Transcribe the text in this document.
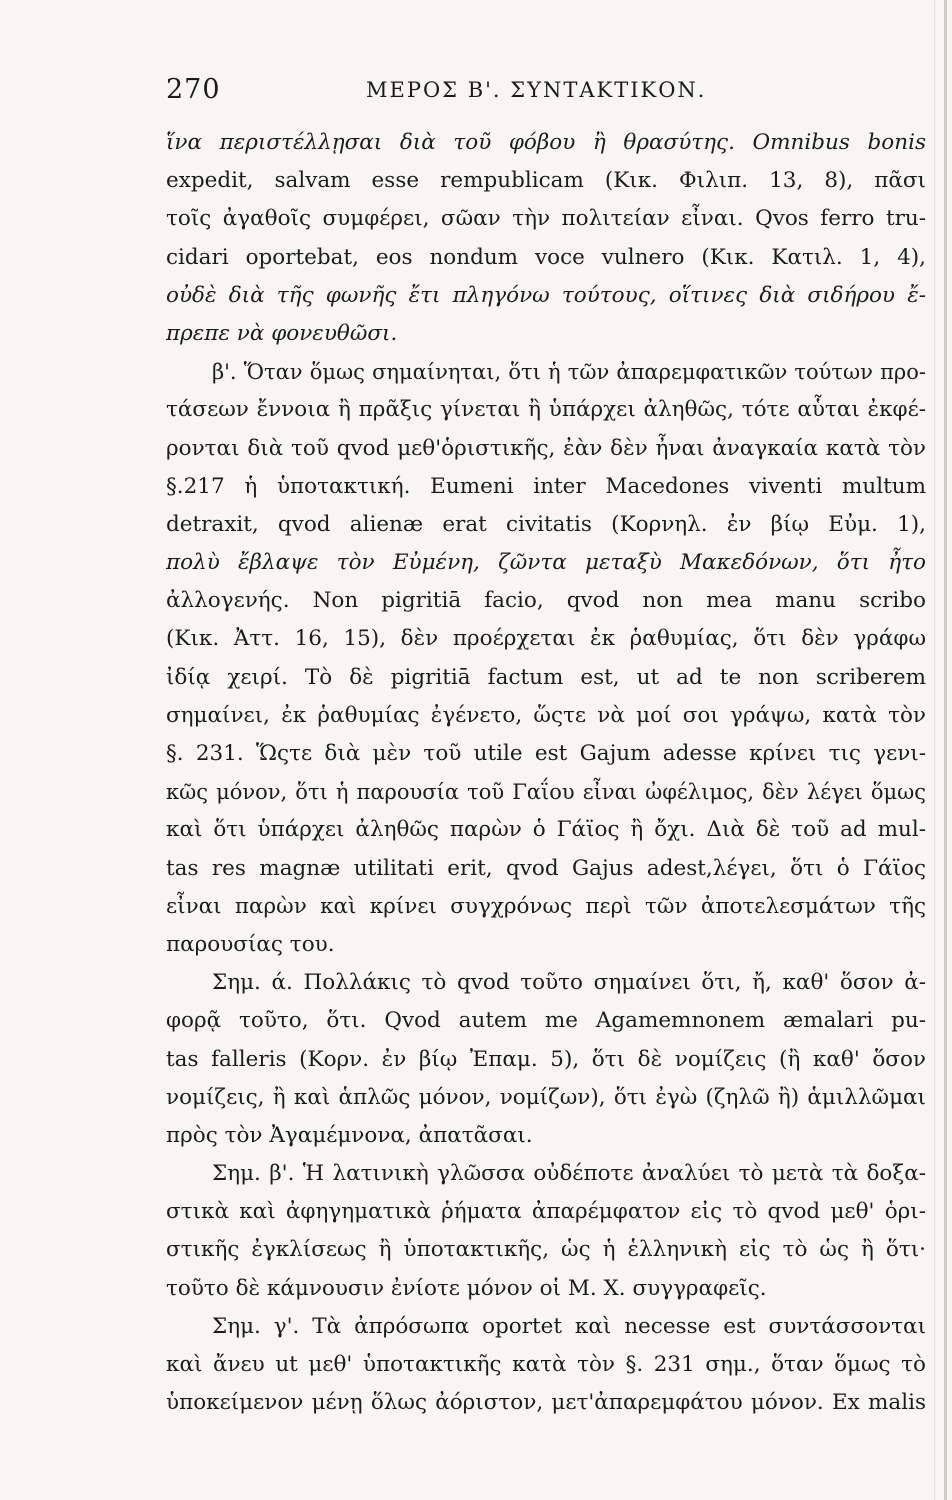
270	ΜΕΡΟΣ Β'. ΣΥΝΤΑΚΤΙΚΟΝ.
ἵνα περιστέλλῃσαι διὰ τοῦ φόβου ἢ θρασύτης. Omnibus bonis
expedit, salvam esse rempublicam (Κικ. Φιλιπ. 13, 8), πᾶσι
τοῖς ἀγαθοῖς συμφέρει, σῶαν τὴν πολιτείαν εἶναι. Qvos ferro tru-
cidari oportebat, eos nondum voce vulnero (Κικ. Κατιλ. 1, 4),
οὐδὲ διὰ τῆς φωνῆς ἔτι πληγόνω τούτους, οἵτινες διὰ σιδήρου ἔ-
πρεπε νὰ φονευθῶσι.
β'. Ὅταν ὅμως σημαίνηται, ὅτι ἡ τῶν ἀπαρεμφατικῶν τούτων προ-
τάσεων ἔννοια ἢ πρᾶξις γίνεται ἢ ὑπάρχει ἀληθῶς, τότε αὗται ἐκφέ-
ρονται διὰ τοῦ qvod μεθ'ὁριστικῆς, ἐὰν δὲν ἦναι ἀναγκαία κατὰ τὸν
§.217 ἡ ὑποτακτική. Eumeni inter Macedones viventi multum
detraxit, qvod alienæ erat civitatis (Κορνηλ. ἐν βίῳ Εὐμ. 1),
πολὺ ἔβλαψε τὸν Εὐμένη, ζῶντα μεταξὺ Μακεδόνων, ὅτι ἦτο
ἀλλογενής. Non pigritiā facio, qvod non mea manu scribo
(Κικ. Ἀττ. 16, 15), δὲν προέρχεται ἐκ ῥαθυμίας, ὅτι δὲν γράφω
ἰδίᾳ χειρί. Τὸ δὲ pigritiā factum est, ut ad te non scriberem
σημαίνει, ἐκ ῥαθυμίας ἐγένετο, ὥςτε νὰ μοί σοι γράψω, κατὰ τὸν
§. 231. Ὥςτε διὰ μὲν τοῦ utile est Gajum adesse κρίνει τις γενι-
κῶς μόνον, ὅτι ἡ παρουσία τοῦ Γαΐου εἶναι ὠφέλιμος, δὲν λέγει ὅμως
καὶ ὅτι ὑπάρχει ἀληθῶς παρὼν ὁ Γάϊος ἢ ὄχι. Διὰ δὲ τοῦ ad mul-
tas res magnæ utilitati erit, qvod Gajus adest,λέγει, ὅτι ὁ Γάϊος
εἶναι παρὼν καὶ κρίνει συγχρόνως περὶ τῶν ἀποτελεσμάτων τῆς
παρουσίας του.
Σημ. ά. Πολλάκις τὸ qvod τοῦτο σημαίνει ὅτι, ἤ, καθ' ὅσον ἀ-
φορᾷ τοῦτο, ὅτι. Qvod autem me Agamemnonem æmalari pu-
tas falleris (Κορν. ἐν βίῳ Ἐπαμ. 5), ὅτι δὲ νομίζεις (ἢ καθ' ὅσον
νομίζεις, ἢ καὶ ἁπλῶς μόνον, νομίζων), ὅτι ἐγὼ (ζηλῶ ἢ) ἁμιλλῶμαι
πρὸς τὸν Ἀγαμέμνονα, ἀπατᾶσαι.
Σημ. β'. Ἡ λατινικὴ γλῶσσα οὐδέποτε ἀναλύει τὸ μετὰ τὰ δοξα-
στικὰ καὶ ἀφηγηματικὰ ῥήματα ἀπαρέμφατον εἰς τὸ qvod μεθ' ὁρι-
στικῆς ἐγκλίσεως ἢ ὑποτακτικῆς, ὡς ἡ ἑλληνικὴ εἰς τὸ ὡς ἢ ὅτι·
τοῦτο δὲ κάμνουσιν ἐνίοτε μόνον οἱ Μ. Χ. συγγραφεῖς.
Σημ. γ'. Τὰ ἀπρόσωπα oportet καὶ necesse est συντάσσονται
καὶ ἄνευ ut μεθ' ὑποτακτικῆς κατὰ τὸν §. 231 σημ., ὅταν ὅμως τὸ
ὑποκείμενον μένῃ ὅλως ἀόριστον, μετ'ἀπαρεμφάτου μόνον. Ex malis
